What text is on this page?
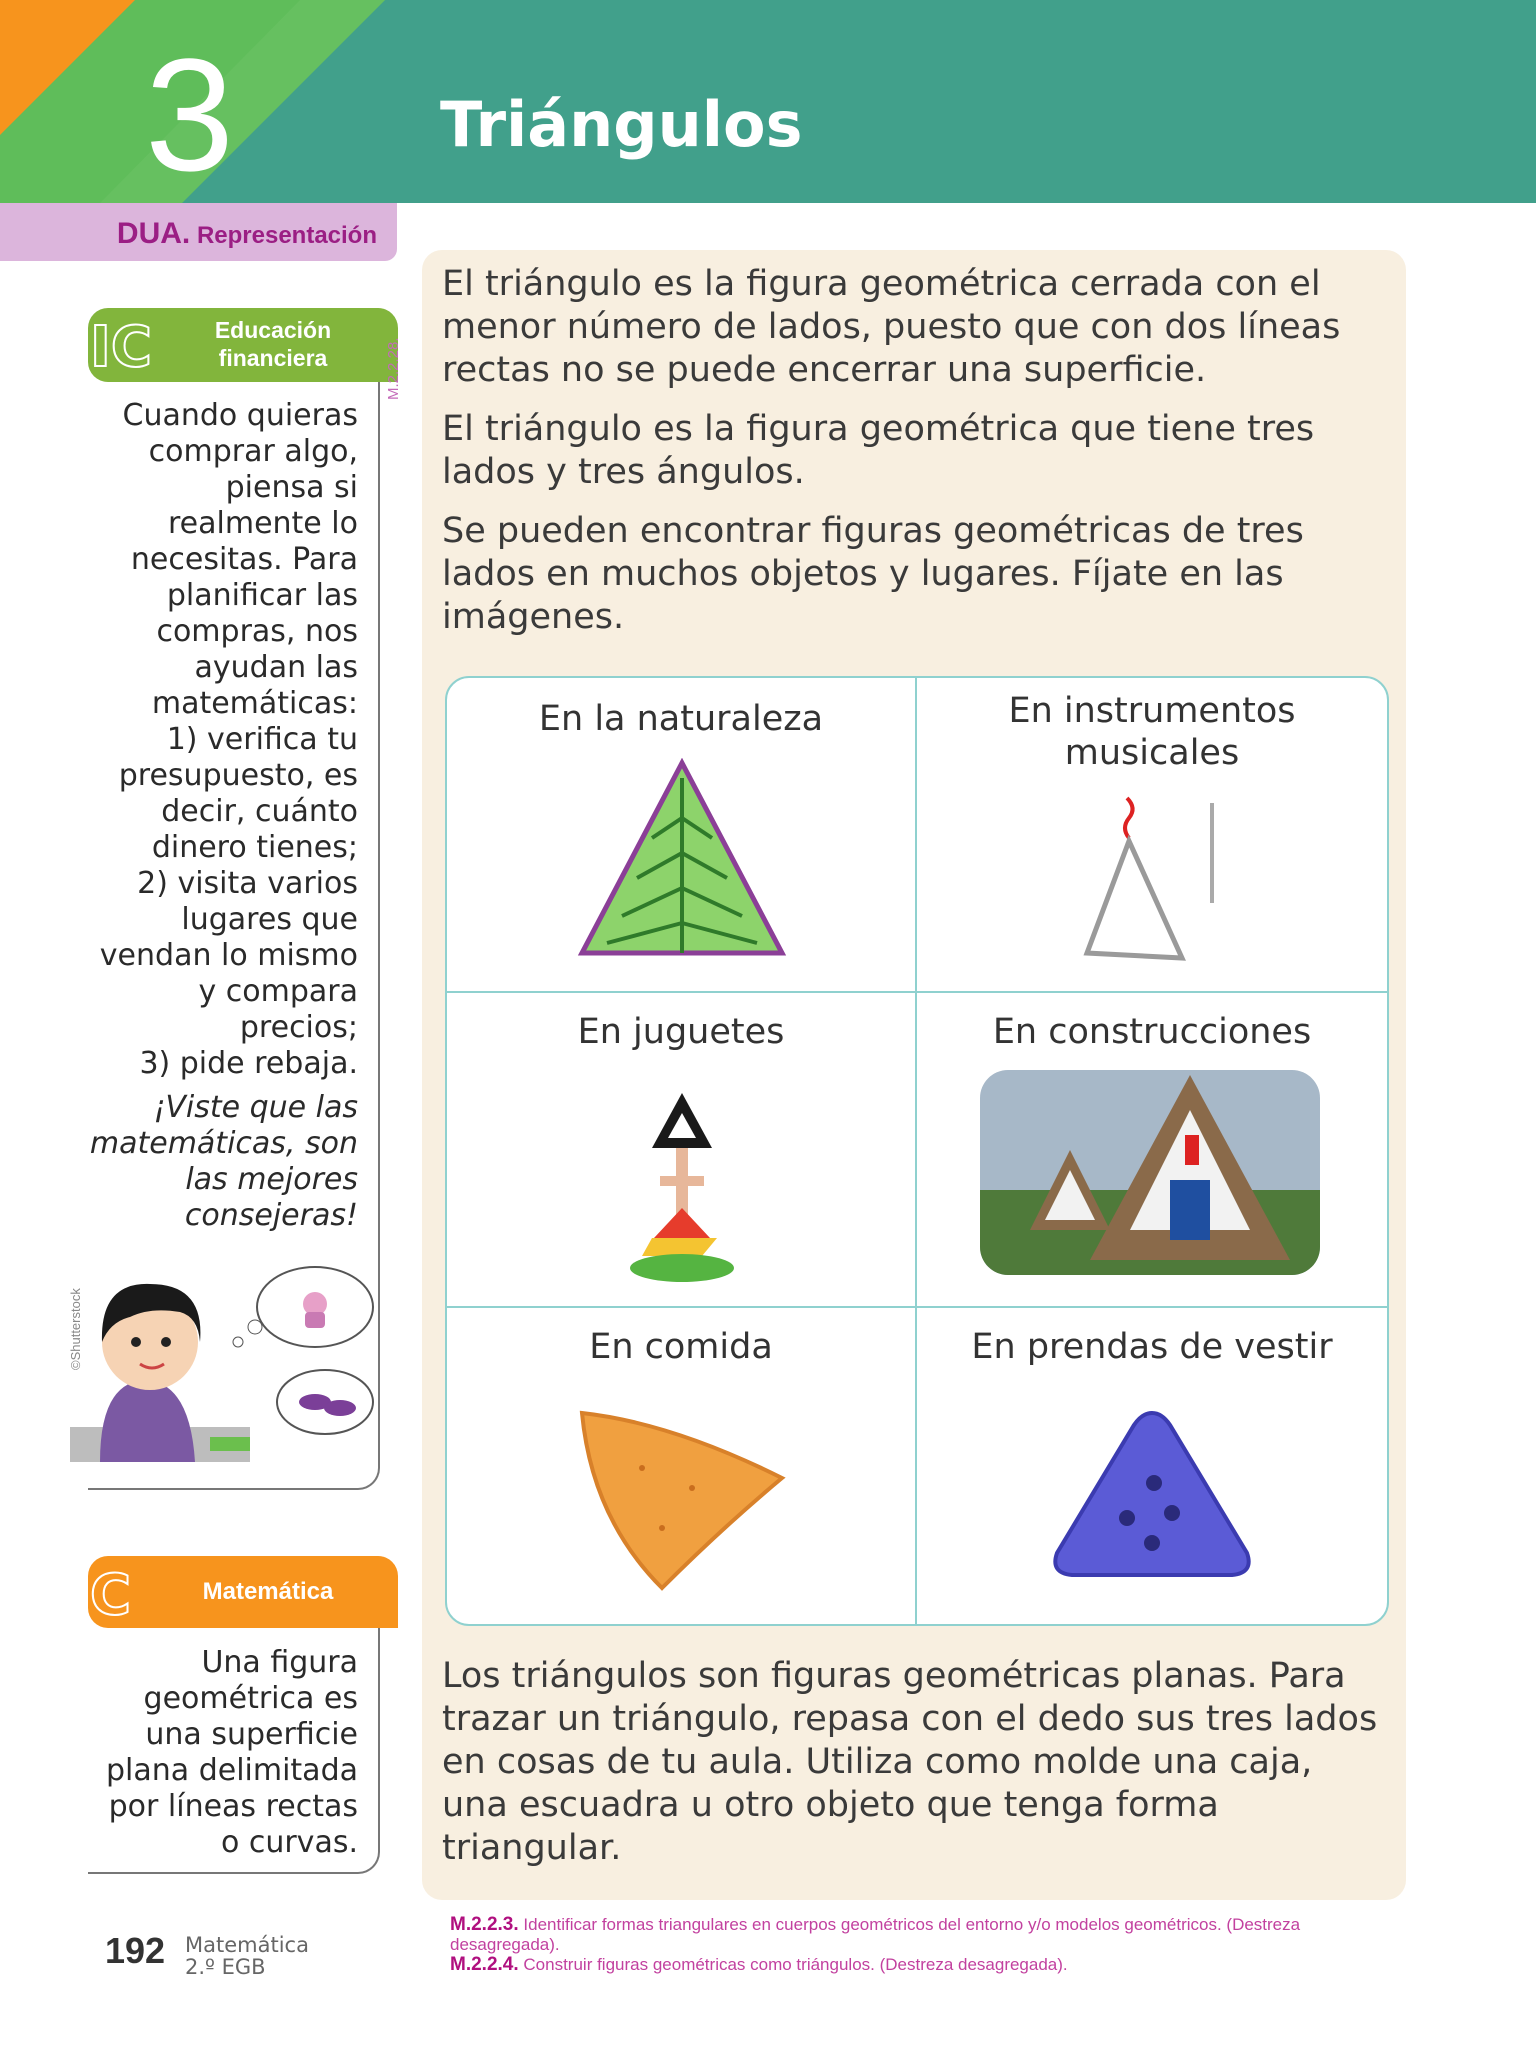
3	Triángulos
DUA. Representación
IC	Educación
financiera	M.2.2.28.
Cuando quieras
comprar algo,
piensa si
realmente lo
necesitas. Para
planificar las
compras, nos
ayudan las
matemáticas:
1) verifica tu
presupuesto, es
decir, cuánto
dinero tienes;
2) visita varios
lugares que
vendan lo mismo
y compara
precios;
3) pide rebaja.
¡Viste que las
matemáticas, son
las mejores
consejeras!
©Shutterstock
C	Matemática
Una figura
geométrica es
una superficie
plana delimitada
por líneas rectas
o curvas.

El triángulo es la figura geométrica cerrada con el menor número de lados, puesto que con dos líneas rectas no se puede encerrar una superficie.

El triángulo es la figura geométrica que tiene tres lados y tres ángulos.

Se pueden encontrar figuras geométricas de tres lados en muchos objetos y lugares. Fíjate en las imágenes.

En la naturaleza	En instrumentos musicales
En juguetes	En construcciones
En comida	En prendas de vestir

Los triángulos son figuras geométricas planas. Para trazar un triángulo, repasa con el dedo sus tres lados en cosas de tu aula. Utiliza como molde una caja, una escuadra u otro objeto que tenga forma triangular.

192 Matemática
2.º EGB
M.2.2.3. Identificar formas triangulares en cuerpos geométricos del entorno y/o modelos geométricos. (Destreza desagregada).
M.2.2.4. Construir figuras geométricas como triángulos. (Destreza desagregada).
